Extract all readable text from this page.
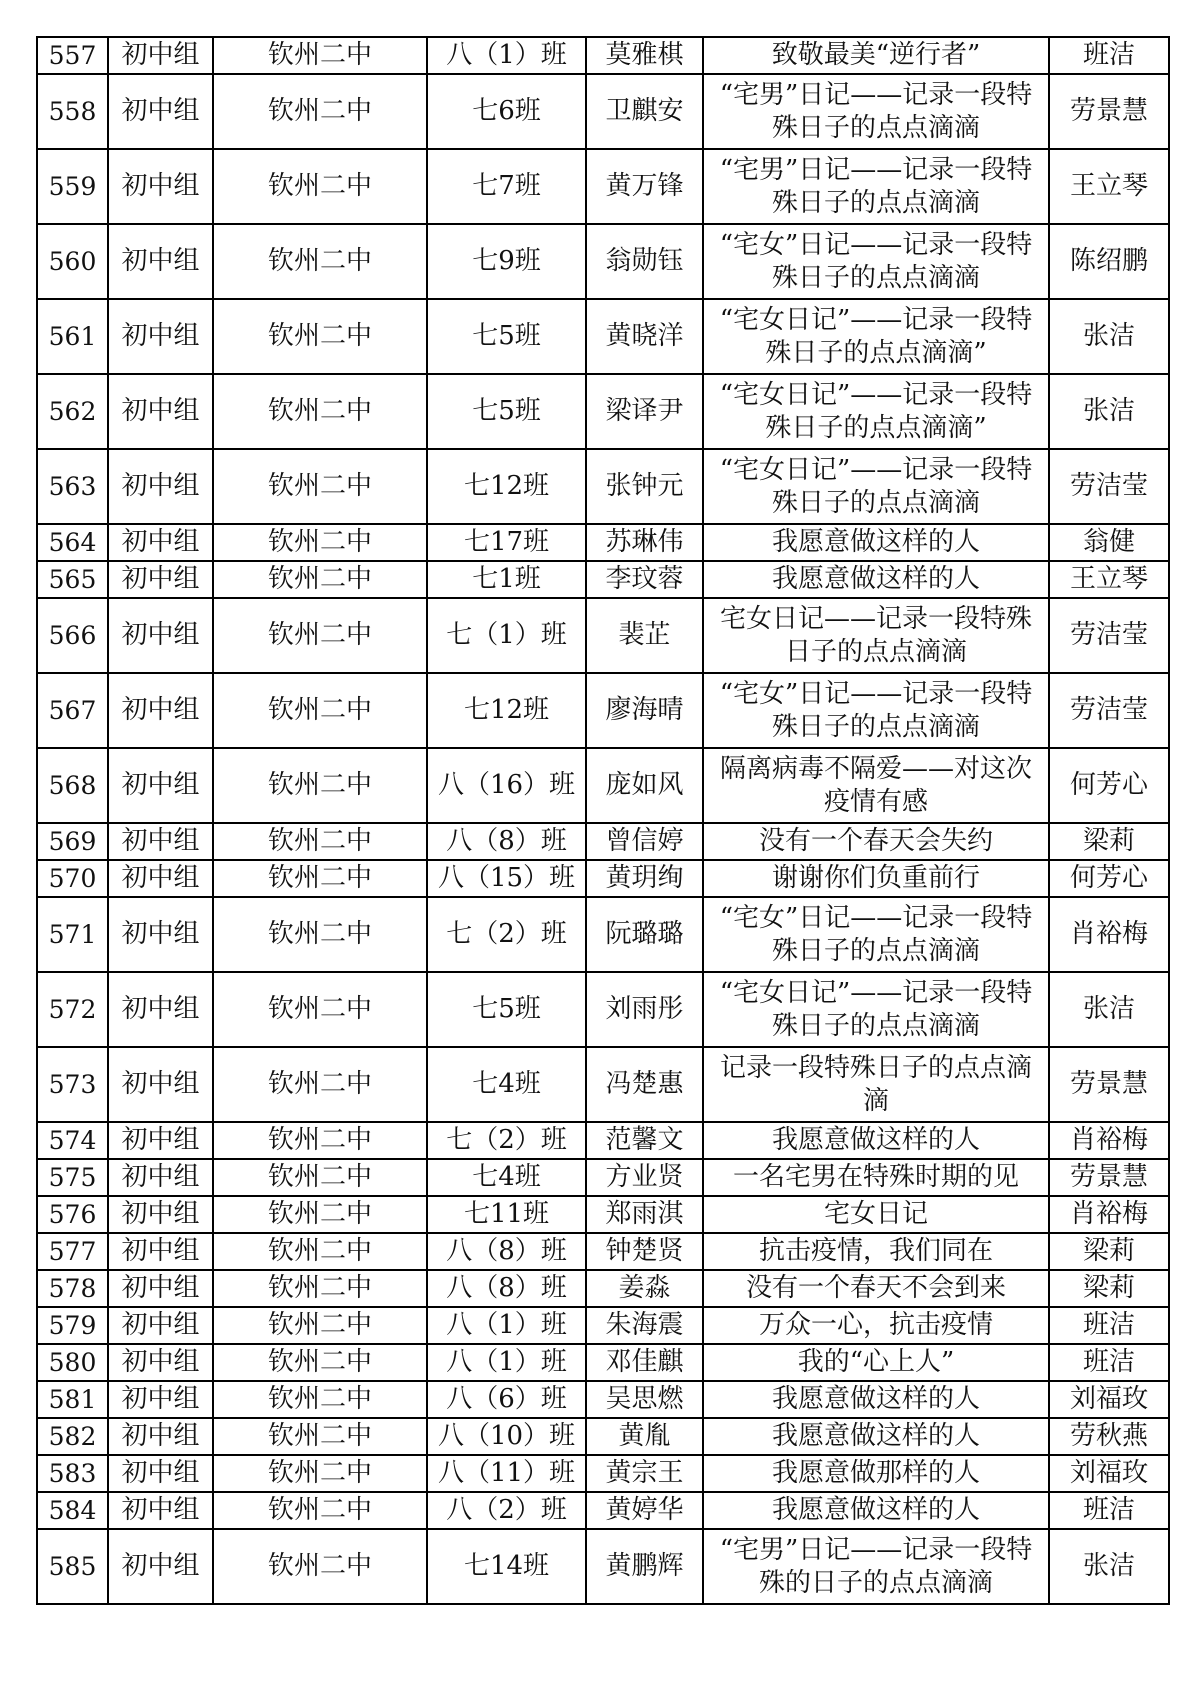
557	初中组	钦州二中	八（1）班	莫雅棋	致敬最美“逆行者”	班洁
558	初中组	钦州二中	七6班	卫麒安	“宅男”日记——记录一段特殊日子的点点滴滴	劳景慧
559	初中组	钦州二中	七7班	黄万锋	“宅男”日记——记录一段特殊日子的点点滴滴	王立琴
560	初中组	钦州二中	七9班	翁勋钰	“宅女”日记——记录一段特殊日子的点点滴滴	陈绍鹏
561	初中组	钦州二中	七5班	黄晓洋	“宅女日记”——记录一段特殊日子的点点滴滴”	张洁
562	初中组	钦州二中	七5班	梁译尹	“宅女日记”——记录一段特殊日子的点点滴滴”	张洁
563	初中组	钦州二中	七12班	张钟元	“宅女日记”——记录一段特殊日子的点点滴滴	劳洁莹
564	初中组	钦州二中	七17班	苏琳伟	我愿意做这样的人	翁健
565	初中组	钦州二中	七1班	李玟蓉	我愿意做这样的人	王立琴
566	初中组	钦州二中	七（1）班	裴芷	宅女日记——记录一段特殊日子的点点滴滴	劳洁莹
567	初中组	钦州二中	七12班	廖海晴	“宅女”日记——记录一段特殊日子的点点滴滴	劳洁莹
568	初中组	钦州二中	八（16）班	庞如风	隔离病毒不隔爱——对这次疫情有感	何芳心
569	初中组	钦州二中	八（8）班	曾信婷	没有一个春天会失约	梁莉
570	初中组	钦州二中	八（15）班	黄玥绚	谢谢你们负重前行	何芳心
571	初中组	钦州二中	七（2）班	阮璐璐	“宅女”日记——记录一段特殊日子的点点滴滴	肖裕梅
572	初中组	钦州二中	七5班	刘雨彤	“宅女日记”——记录一段特殊日子的点点滴滴	张洁
573	初中组	钦州二中	七4班	冯楚惠	记录一段特殊日子的点点滴滴	劳景慧
574	初中组	钦州二中	七（2）班	范馨文	我愿意做这样的人	肖裕梅
575	初中组	钦州二中	七4班	方业贤	一名宅男在特殊时期的见	劳景慧
576	初中组	钦州二中	七11班	郑雨淇	宅女日记	肖裕梅
577	初中组	钦州二中	八（8）班	钟楚贤	抗击疫情，我们同在	梁莉
578	初中组	钦州二中	八（8）班	姜淼	没有一个春天不会到来	梁莉
579	初中组	钦州二中	八（1）班	朱海震	万众一心，抗击疫情	班洁
580	初中组	钦州二中	八（1）班	邓佳麒	我的“心上人”	班洁
581	初中组	钦州二中	八（6）班	吴思燃	我愿意做这样的人	刘福玫
582	初中组	钦州二中	八（10）班	黄胤	我愿意做这样的人	劳秋燕
583	初中组	钦州二中	八（11）班	黄宗王	我愿意做那样的人	刘福玫
584	初中组	钦州二中	八（2）班	黄婷华	我愿意做这样的人	班洁
585	初中组	钦州二中	七14班	黄鹏辉	“宅男”日记——记录一段特殊的日子的点点滴滴	张洁
